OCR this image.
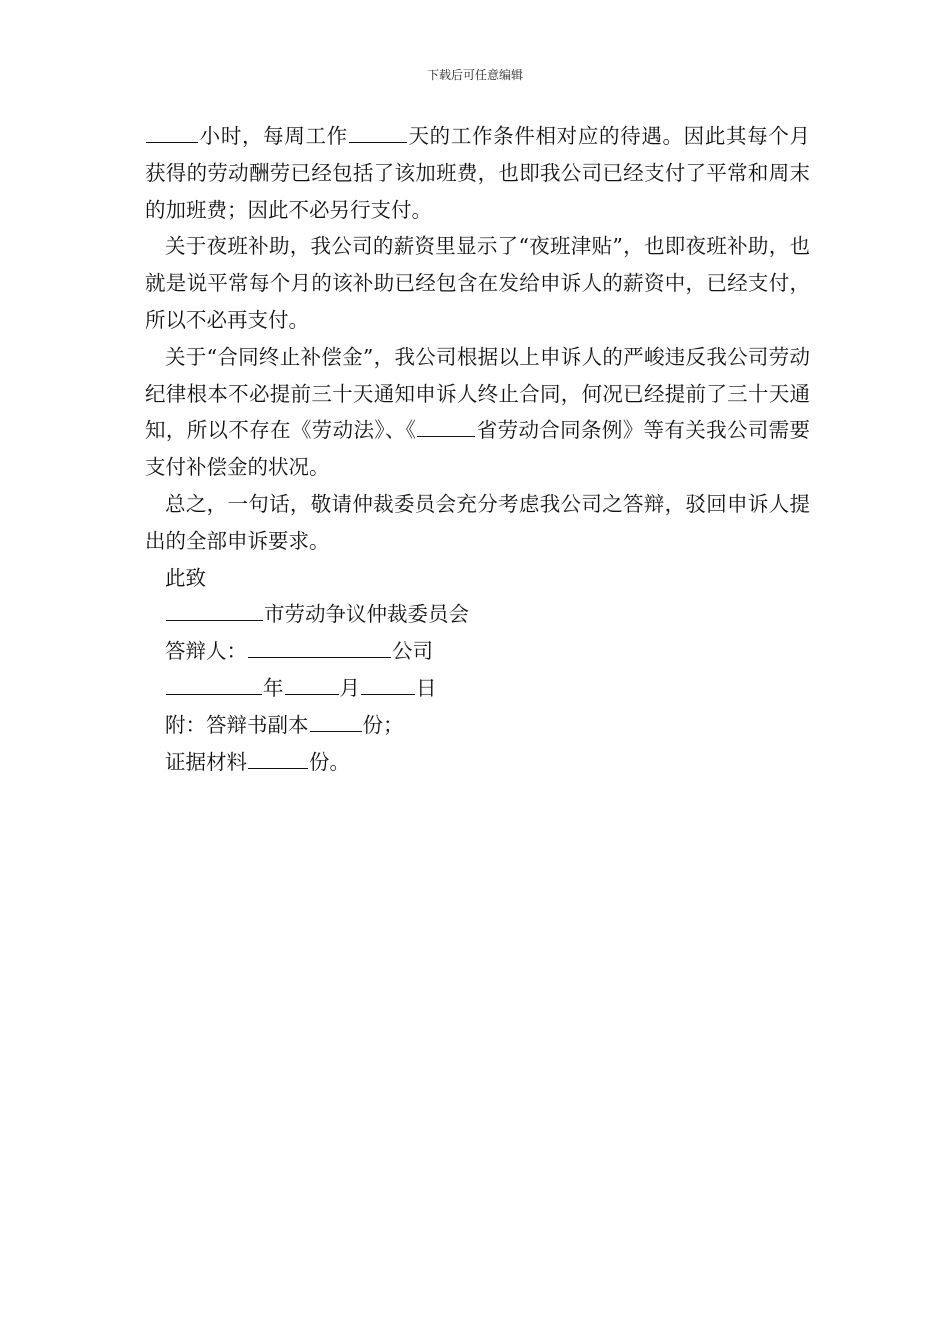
下载后可任意编辑

小时，每周工作	天的工作条件相对应的待遇。因此其每个月获得的劳动酬劳已经包括了该加班费，也即我公司已经支付了平常和周末的加班费；因此不必另行支付。

关于夜班补助，我公司的薪资里显示了“夜班津贴”，也即夜班补助，也就是说平常每个月的该补助已经包含在发给申诉人的薪资中，已经支付，所以不必再支付。

关于“合同终止补偿金”，我公司根据以上申诉人的严峻违反我公司劳动纪律根本不必提前三十天通知申诉人终止合同，何况已经提前了三十天通知，所以不存在《劳动法》、《	省劳动合同条例》等有关我公司需要支付补偿金的状况。

总之，一句话，敬请仲裁委员会充分考虑我公司之答辩，驳回申诉人提出的全部申诉要求。

此致
市劳动争议仲裁委员会
答辩人：	公司
年	月	日
附：答辩书副本	份；
证据材料	份。
